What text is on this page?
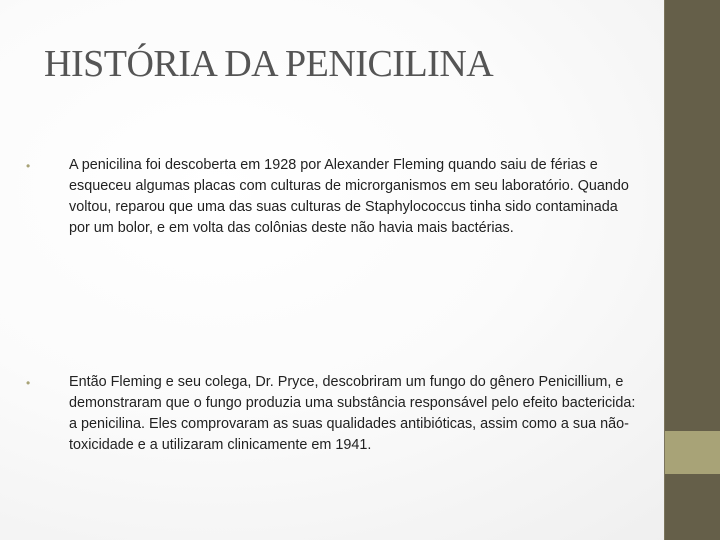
HISTÓRIA DA PENICILINA
•	A penicilina foi descoberta em 1928 por Alexander Fleming quando saiu de férias e esqueceu algumas placas com culturas de microrganismos em seu laboratório. Quando voltou, reparou que uma das suas culturas de Staphylococcus tinha sido contaminada por um bolor, e em volta das colônias deste não havia mais bactérias.

•	Então Fleming e seu colega, Dr. Pryce, descobriram um fungo do gênero Penicillium, e demonstraram que o fungo produzia uma substância responsável pelo efeito bactericida: a penicilina. Eles comprovaram as suas qualidades antibióticas, assim como a sua não-toxicidade e a utilizaram clinicamente em 1941.
